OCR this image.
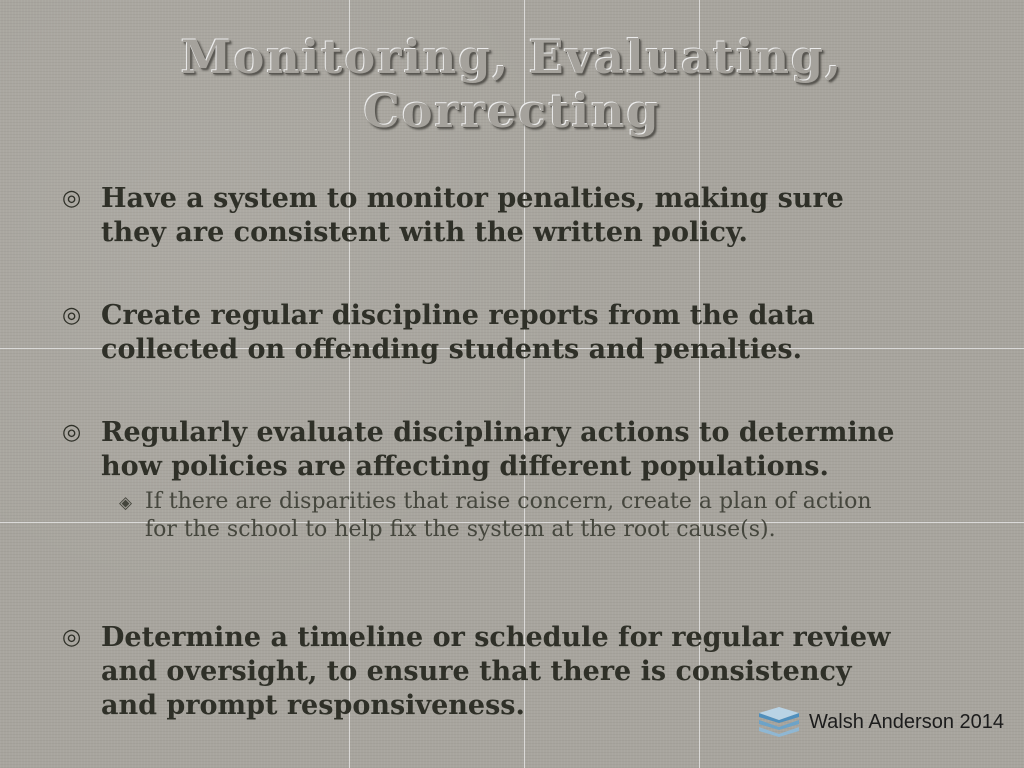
Monitoring, Evaluating,
Correcting

◎ Have a system to monitor penalties, making sure
they are consistent with the written policy.

◎ Create regular discipline reports from the data
collected on offending students and penalties.

◎ Regularly evaluate disciplinary actions to determine
how policies are affecting different populations.

◈ If there are disparities that raise concern, create a plan of action
for the school to help fix the system at the root cause(s).

◎ Determine a timeline or schedule for regular review
and oversight, to ensure that there is consistency
and prompt responsiveness.

Walsh Anderson 2014
